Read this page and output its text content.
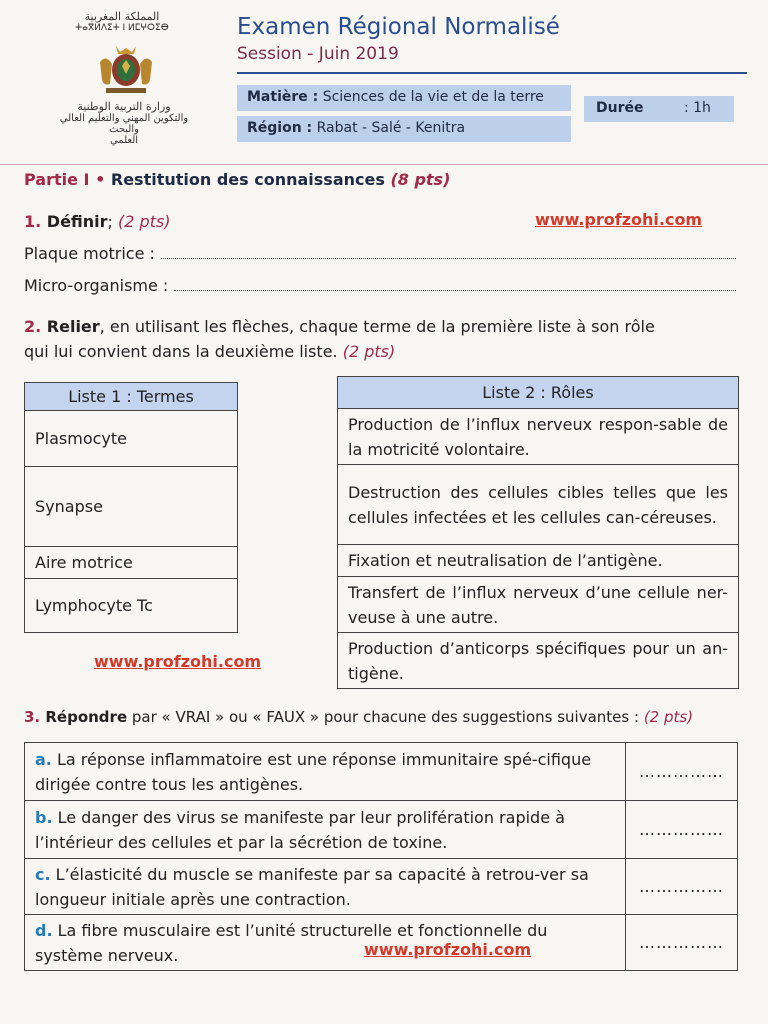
المملكة المغربية
ⵜⴰⴳⵍⴷⵉⵜ ⵏ ⵍⵎⵖⵔⵉⴱ
وزارة التربية الوطنية
والتكوين المهني والتعليم العالي والبحث
العلمي
Examen Régional Normalisé
Session - Juin 2019
Matière : Sciences de la vie et de la terre
Région : Rabat - Salé - Kenitra
Durée	: 1h
Partie I • Restitution des connaissances (8 pts)
1. Définir; (2 pts)	www.profzohi.com
Plaque motrice :
Micro-organisme :
2. Relier, en utilisant les flèches, chaque terme de la première liste à son rôle
qui lui convient dans la deuxième liste. (2 pts)
Liste 1 : Termes
Plasmocyte
Synapse
Aire motrice
Lymphocyte Tc
Liste 2 : Rôles
Production de l’influx nerveux respon-sable de la motricité volontaire.
Destruction des cellules cibles telles que les cellules infectées et les cellules can-céreuses.
Fixation et neutralisation de l’antigène.
Transfert de l’influx nerveux d’une cellule ner-veuse à une autre.
Production d’anticorps spécifiques pour un an-tigène.
www.profzohi.com
3. Répondre par « VRAI » ou « FAUX » pour chacune des suggestions suivantes : (2 pts)
a. La réponse inflammatoire est une réponse immunitaire spé-cifique dirigée contre tous les antigènes.	……………
b. Le danger des virus se manifeste par leur prolifération rapide à l’intérieur des cellules et par la sécrétion de toxine.	……………
c. L’élasticité du muscle se manifeste par sa capacité à retrou-ver sa longueur initiale après une contraction.	……………
d. La fibre musculaire est l’unité structurelle et fonctionnelle du système nerveux.	……………
www.profzohi.com
